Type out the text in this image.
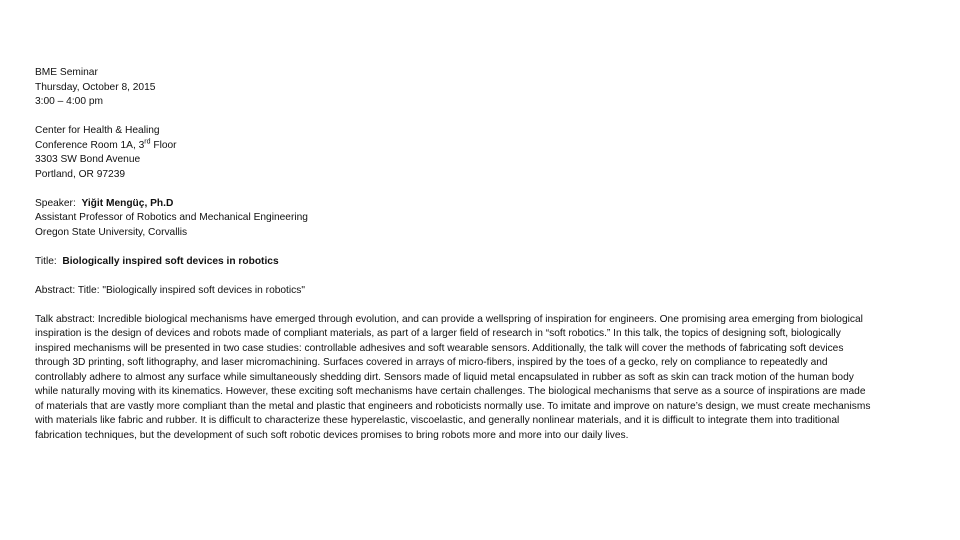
BME Seminar
Thursday, October 8, 2015
3:00 – 4:00 pm
Center for Health & Healing
Conference Room 1A, 3rd Floor
3303 SW Bond Avenue
Portland, OR 97239
Speaker:  Yiğit Mengüç, Ph.D
Assistant Professor of Robotics and Mechanical Engineering
Oregon State University, Corvallis
Title:  Biologically inspired soft devices in robotics
Abstract: Title: "Biologically inspired soft devices in robotics"
Talk abstract: Incredible biological mechanisms have emerged through evolution, and can provide a wellspring of inspiration for engineers. One promising area emerging from biological inspiration is the design of devices and robots made of compliant materials, as part of a larger field of research in “soft robotics.” In this talk, the topics of designing soft, biologically inspired mechanisms will be presented in two case studies: controllable adhesives and soft wearable sensors. Additionally, the talk will cover the methods of fabricating soft devices through 3D printing, soft lithography, and laser micromachining. Surfaces covered in arrays of micro-fibers, inspired by the toes of a gecko, rely on compliance to repeatedly and controllably adhere to almost any surface while simultaneously shedding dirt. Sensors made of liquid metal encapsulated in rubber as soft as skin can track motion of the human body while naturally moving with its kinematics. However, these exciting soft mechanisms have certain challenges. The biological mechanisms that serve as a source of inspirations are made of materials that are vastly more compliant than the metal and plastic that engineers and roboticists normally use. To imitate and improve on nature’s design, we must create mechanisms with materials like fabric and rubber. It is difficult to characterize these hyperelastic, viscoelastic, and generally nonlinear materials, and it is difficult to integrate them into traditional fabrication techniques, but the development of such soft robotic devices promises to bring robots more and more into our daily lives.
